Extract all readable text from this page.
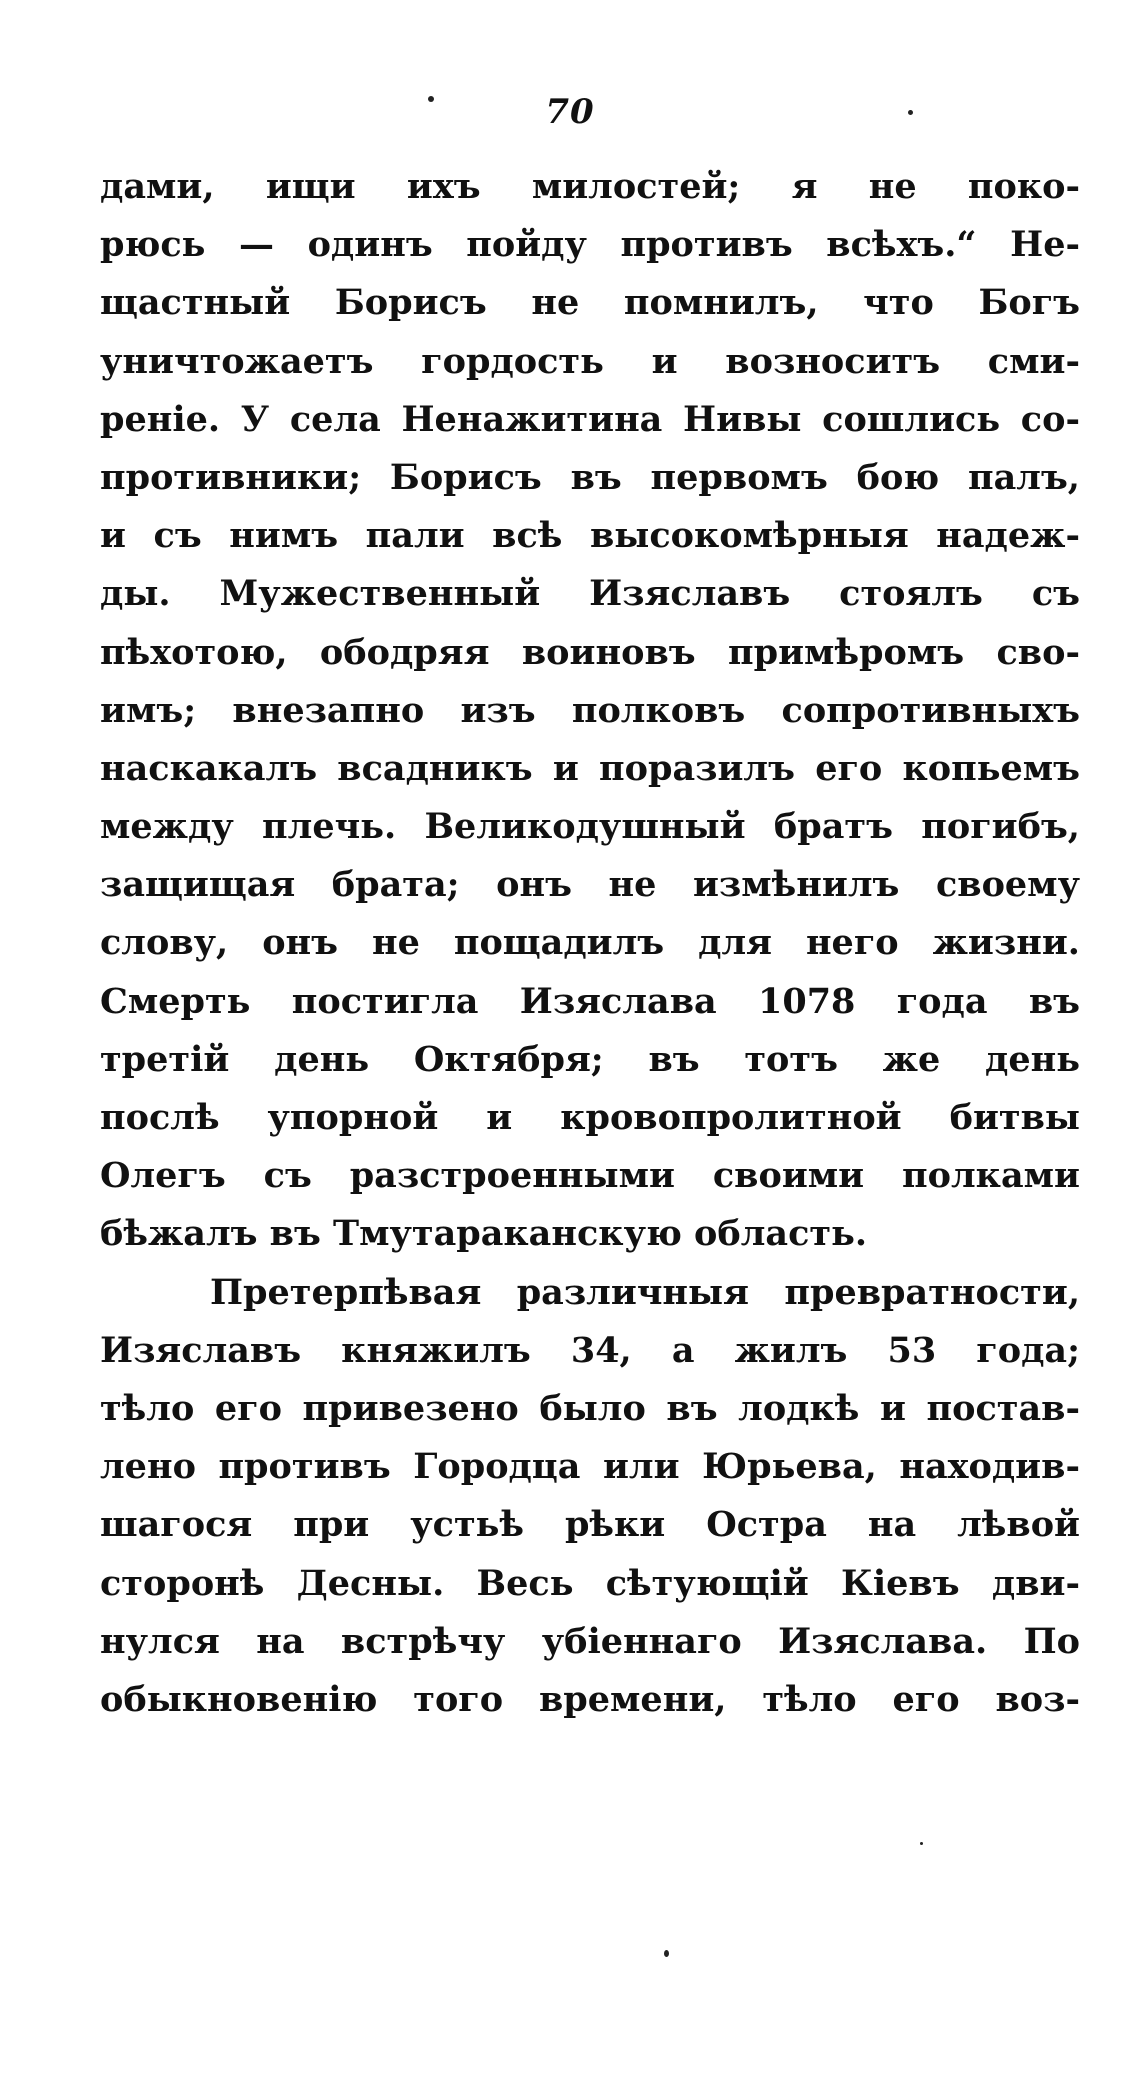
70
дами, ищи ихъ милостей; я не поко-
рюсь — одинъ пойду противъ всѣхъ.“ Не-
щастный Борисъ не помнилъ, что Богъ
уничтожаетъ гордость и возноситъ сми-
реніе. У села Ненажитина Нивы сошлись со-
противники; Борисъ въ первомъ бою палъ,
и съ нимъ пали всѣ высокомѣрныя надеж-
ды. Мужественный Изяславъ стоялъ съ
пѣхотою, ободряя воиновъ примѣромъ сво-
имъ; внезапно изъ полковъ сопротивныхъ
наскакалъ всадникъ и поразилъ его копьемъ
между плечь. Великодушный братъ погибъ,
защищая брата; онъ не измѣнилъ своему
слову, онъ не пощадилъ для него жизни.
Смерть постигла Изяслава 1078 года въ
третій день Октября; въ тотъ же день
послѣ упорной и кровопролитной битвы
Олегъ съ разстроенными своими полками
бѣжалъ въ Тмутараканскую область.
Претерпѣвая различныя превратности,
Изяславъ княжилъ 34, а жилъ 53 года;
тѣло его привезено было въ лодкѣ и постав-
лено противъ Городца или Юрьева, находив-
шагося при устьѣ рѣки Остра на лѣвой
сторонѣ Десны. Весь сѣтующій Кіевъ дви-
нулся на встрѣчу убіеннаго Изяслава. По
обыкновенію того времени, тѣло его воз-
